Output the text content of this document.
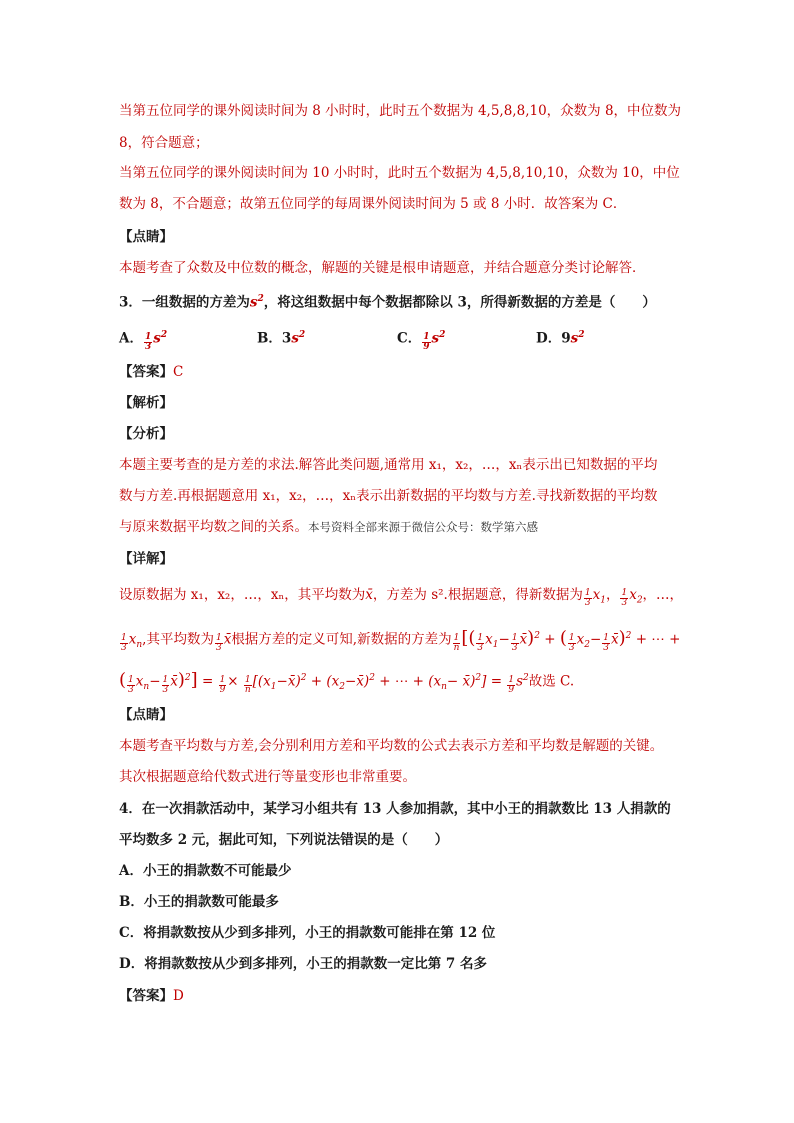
当第五位同学的课外阅读时间为 8 小时时，此时五个数据为 4,5,8,8,10，众数为 8，中位数为
8，符合题意；
当第五位同学的课外阅读时间为 10 小时时，此时五个数据为 4,5,8,10,10，众数为 10，中位
数为 8，不合题意；故第五位同学的每周课外阅读时间为 5 或 8 小时．故答案为 C．
【点睛】
本题考查了众数及中位数的概念，解题的关键是根申请题意，并结合题意分类讨论解答．
3．一组数据的方差为$s^2$，将这组数据中每个数据都除以 3，所得新数据的方差是（　　）
A． $\frac{1}{3} s^2$	B．$3s^2$	C． $\frac{1}{9} s^2$	D．$9s^2$
【答案】C
【解析】
【分析】
本题主要考查的是方差的求法.解答此类问题,通常用 x₁，x₂，…，xₙ表示出已知数据的平均
数与方差.再根据题意用 x₁，x₂，…，xₙ表示出新数据的平均数与方差.寻找新数据的平均数
与原来数据平均数之间的关系。本号资料全部来源于微信公众号：数学第六感
【详解】
设原数据为 x₁，x₂，…，xₙ，其平均数为x̄，方差为 s².根据题意，得新数据为 $\frac{1}{3} x_1$， $\frac{1}{3} x_2$，…，
$\frac{1}{3} x_n$,其平均数为 $\frac{1}{3}$ x̄根据方差的定义可知,新数据的方差为 $\frac{1}{n}$ [( $\frac{1}{3} x_1- \frac{1}{3}$ x̄)$^2$ + ( $\frac{1}{3} x_2- \frac{1}{3}$ x̄)$^2$ + ⋯ +
( $\frac{1}{3} x_n- \frac{1}{3}$ x̄)$^2$] = $\frac{1}{9} \times \frac{1}{n}$ [$(x_1-x̄)^2$ + $(x_2-x̄)^2$ + ⋯ + ($x_n-$ x̄)$^2$] = $\frac{1}{9} s^2$故选 C.
【点睛】
本题考查平均数与方差,会分别利用方差和平均数的公式去表示方差和平均数是解题的关键。
其次根据题意给代数式进行等量变形也非常重要。
4．在一次捐款活动中，某学习小组共有 13 人参加捐款，其中小王的捐款数比 13 人捐款的
平均数多 2 元，据此可知，下列说法错误的是（　　）
A．小王的捐款数不可能最少
B．小王的捐款数可能最多
C．将捐款数按从少到多排列，小王的捐款数可能排在第 12 位
D．将捐款数按从少到多排列，小王的捐款数一定比第 7 名多
【答案】D
